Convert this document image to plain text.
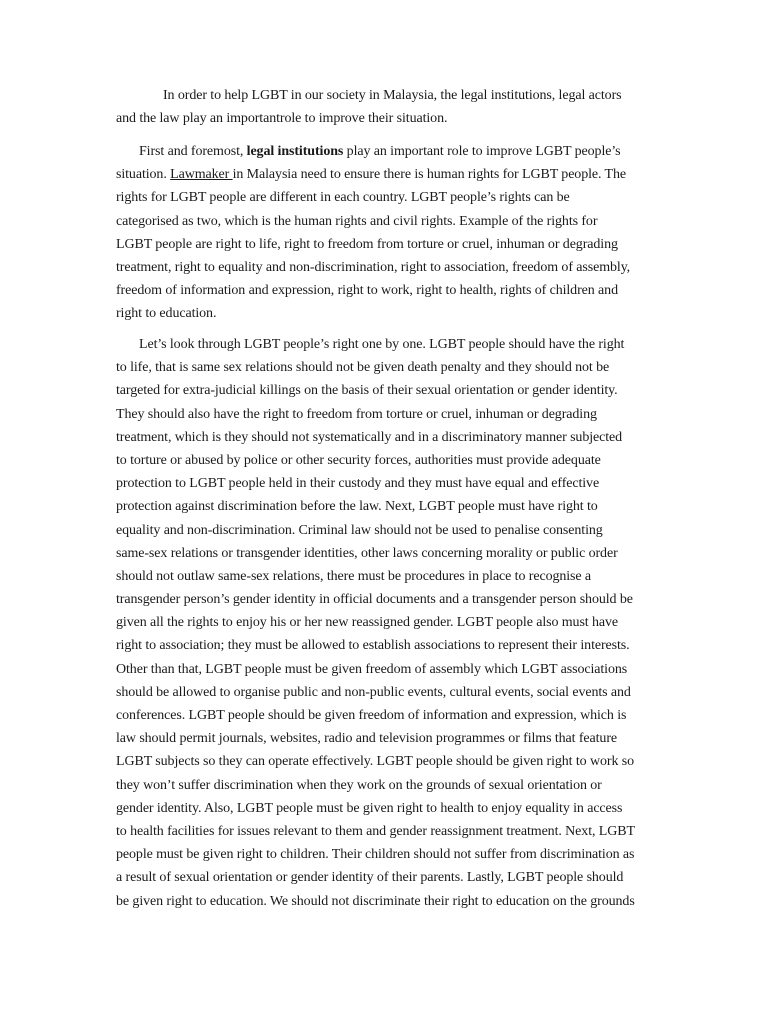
In order to help LGBT in our society in Malaysia, the legal institutions, legal actors
and the law play an importantrole to improve their situation.
First and foremost, legal institutions play an important role to improve LGBT people’s
situation. Lawmaker in Malaysia need to ensure there is human rights for LGBT people. The
rights for LGBT people are different in each country. LGBT people’s rights can be
categorised as two, which is the human rights and civil rights. Example of the rights for
LGBT people are right to life, right to freedom from torture or cruel, inhuman or degrading
treatment, right to equality and non-discrimination, right to association, freedom of assembly,
freedom of information and expression, right to work, right to health, rights of children and
right to education.
Let’s look through LGBT people’s right one by one. LGBT people should have the right
to life, that is same sex relations should not be given death penalty and they should not be
targeted for extra-judicial killings on the basis of their sexual orientation or gender identity.
They should also have the right to freedom from torture or cruel, inhuman or degrading
treatment, which is they should not systematically and in a discriminatory manner subjected
to torture or abused by police or other security forces, authorities must provide adequate
protection to LGBT people held in their custody and they must have equal and effective
protection against discrimination before the law. Next, LGBT people must have right to
equality and non-discrimination. Criminal law should not be used to penalise consenting
same-sex relations or transgender identities, other laws concerning morality or public order
should not outlaw same-sex relations, there must be procedures in place to recognise a
transgender person’s gender identity in official documents and a transgender person should be
given all the rights to enjoy his or her new reassigned gender. LGBT people also must have
right to association; they must be allowed to establish associations to represent their interests.
Other than that, LGBT people must be given freedom of assembly which LGBT associations
should be allowed to organise public and non-public events, cultural events, social events and
conferences. LGBT people should be given freedom of information and expression, which is
law should permit journals, websites, radio and television programmes or films that feature
LGBT subjects so they can operate effectively. LGBT people should be given right to work so
they won’t suffer discrimination when they work on the grounds of sexual orientation or
gender identity. Also, LGBT people must be given right to health to enjoy equality in access
to health facilities for issues relevant to them and gender reassignment treatment. Next, LGBT
people must be given right to children. Their children should not suffer from discrimination as
a result of sexual orientation or gender identity of their parents. Lastly, LGBT people should
be given right to education. We should not discriminate their right to education on the grounds
